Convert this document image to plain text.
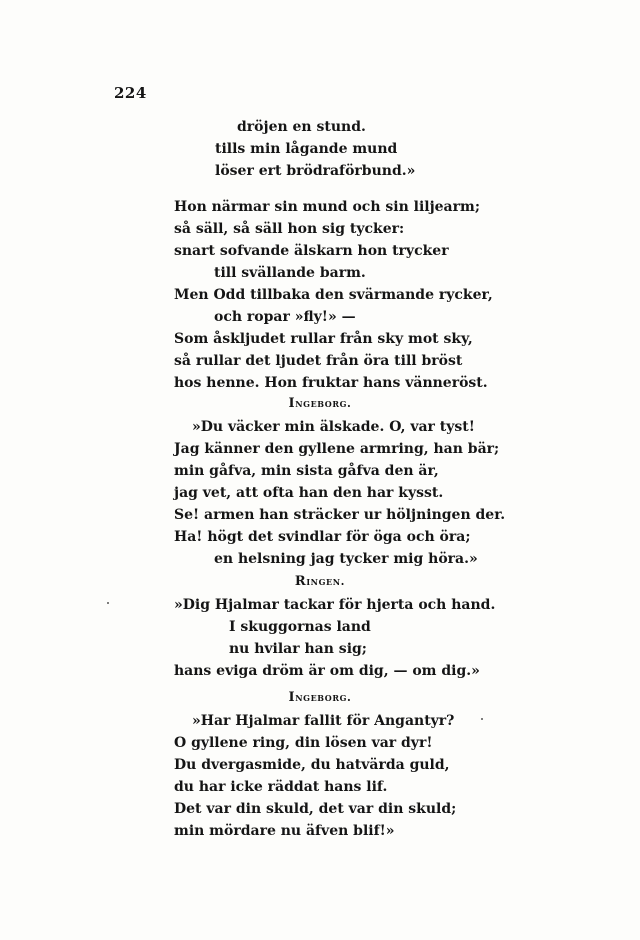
224
dröjen en stund.
tills min lågande mund
löser ert brödraförbund.»
Hon närmar sin mund och sin liljearm;
så säll, så säll hon sig tycker:
snart sofvande älskarn hon trycker
till svällande barm.
Men Odd tillbaka den svärmande rycker,
och ropar »fly!» —
Som åskljudet rullar från sky mot sky,
så rullar det ljudet från öra till bröst
hos henne. Hon fruktar hans vänneröst.
Ingeborg.
»Du väcker min älskade. O, var tyst!
Jag känner den gyllene armring, han bär;
min gåfva, min sista gåfva den är,
jag vet, att ofta han den har kysst.
Se! armen han sträcker ur höljningen der.
Ha! högt det svindlar för öga och öra;
en helsning jag tycker mig höra.»
Ringen.
»Dig Hjalmar tackar för hjerta och hand.
I skuggornas land
nu hvilar han sig;
hans eviga dröm är om dig, — om dig.»
Ingeborg.
»Har Hjalmar fallit för Angantyr?
O gyllene ring, din lösen var dyr!
Du dvergasmide, du hatvärda guld,
du har icke räddat hans lif.
Det var din skuld, det var din skuld;
min mördare nu äfven blif!»
